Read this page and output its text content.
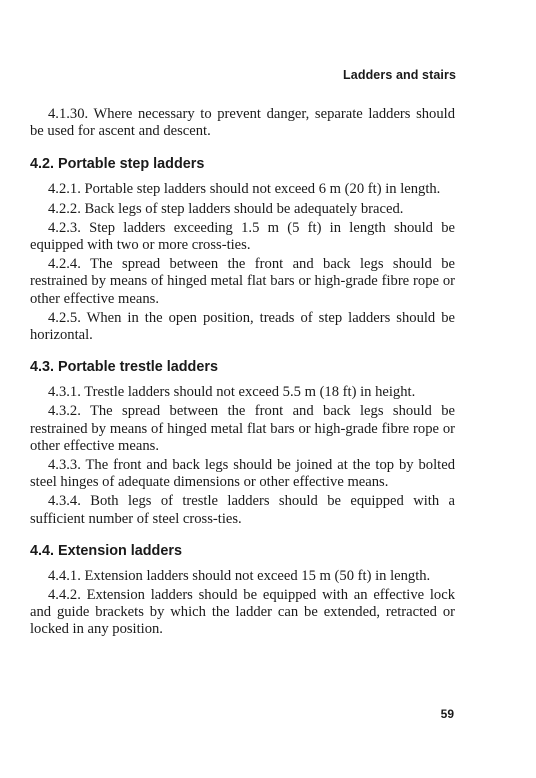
Ladders and stairs

4.1.30. Where necessary to prevent danger, separate ladders should be used for ascent and descent.

4.2. Portable step ladders

4.2.1. Portable step ladders should not exceed 6 m (20 ft) in length.

4.2.2. Back legs of step ladders should be adequately braced.

4.2.3. Step ladders exceeding 1.5 m (5 ft) in length should be equipped with two or more cross-ties.

4.2.4. The spread between the front and back legs should be restrained by means of hinged metal flat bars or high-grade fibre rope or other effective means.

4.2.5. When in the open position, treads of step ladders should be horizontal.

4.3. Portable trestle ladders

4.3.1. Trestle ladders should not exceed 5.5 m (18 ft) in height.

4.3.2. The spread between the front and back legs should be restrained by means of hinged metal flat bars or high-grade fibre rope or other effective means.

4.3.3. The front and back legs should be joined at the top by bolted steel hinges of adequate dimensions or other effective means.

4.3.4. Both legs of trestle ladders should be equipped with a sufficient number of steel cross-ties.

4.4. Extension ladders

4.4.1. Extension ladders should not exceed 15 m (50 ft) in length.

4.4.2. Extension ladders should be equipped with an effective lock and guide brackets by which the ladder can be extended, retracted or locked in any position.

59
